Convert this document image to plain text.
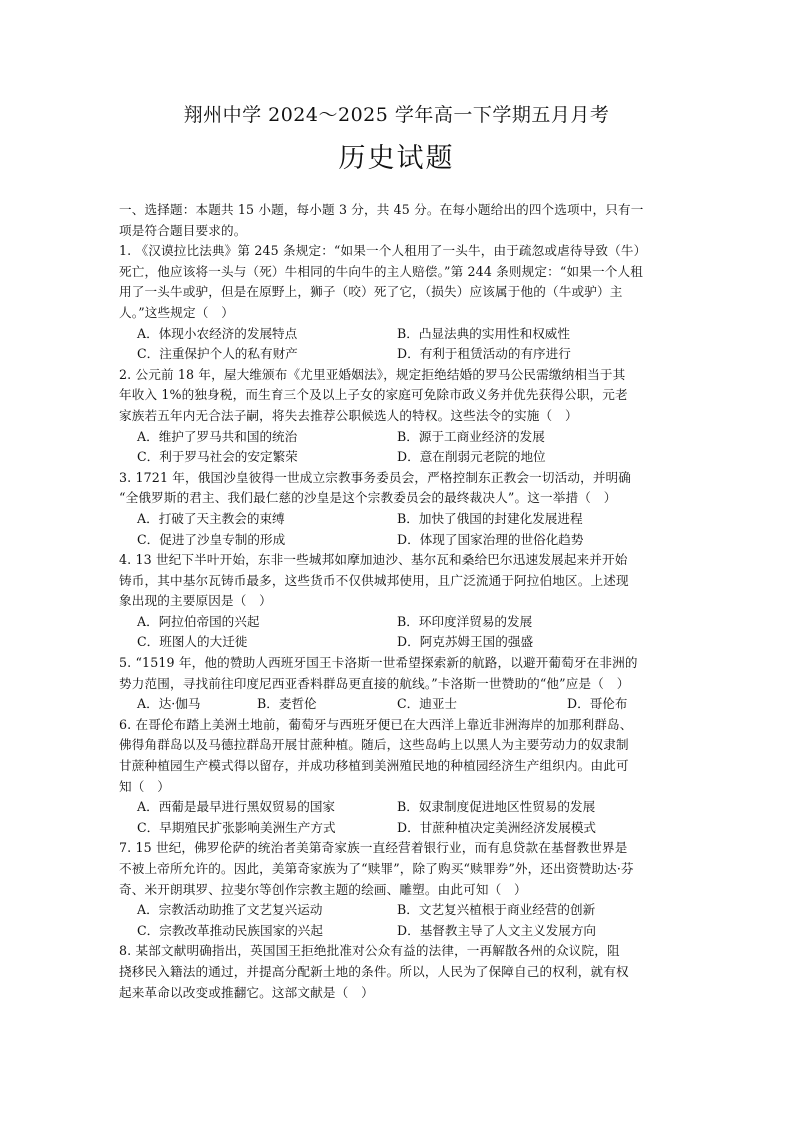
翔州中学 2024～2025 学年高一下学期五月月考
历史试题
一、选择题：本题共 15 小题，每小题 3 分，共 45 分。在每小题给出的四个选项中，只有一
项是符合题目要求的。
1. 《汉谟拉比法典》第 245 条规定：“如果一个人租用了一头牛，由于疏忽或虐待导致（牛）
死亡，他应该将一头与（死）牛相同的牛向牛的主人赔偿。”第 244 条则规定：“如果一个人租
用了一头牛或驴，但是在原野上，狮子（咬）死了它，（损失）应该属于他的（牛或驴）主
人。”这些规定（　）
A．体现小农经济的发展特点	B．凸显法典的实用性和权威性
C．注重保护个人的私有财产	D．有利于租赁活动的有序进行
2. 公元前 18 年，屋大维颁布《尤里亚婚姻法》，规定拒绝结婚的罗马公民需缴纳相当于其
年收入 1%的独身税，而生育三个及以上子女的家庭可免除市政义务并优先获得公职，元老
家族若五年内无合法子嗣，将失去推荐公职候选人的特权。这些法令的实施（　）
A．维护了罗马共和国的统治	B．源于工商业经济的发展
C．利于罗马社会的安定繁荣	D．意在削弱元老院的地位
3. 1721 年，俄国沙皇彼得一世成立宗教事务委员会，严格控制东正教会一切活动，并明确
“全俄罗斯的君主、我们最仁慈的沙皇是这个宗教委员会的最终裁决人”。这一举措（　）
A．打破了天主教会的束缚	B．加快了俄国的封建化发展进程
C．促进了沙皇专制的形成	D．体现了国家治理的世俗化趋势
4. 13 世纪下半叶开始，东非一些城邦如摩加迪沙、基尔瓦和桑给巴尔迅速发展起来并开始
铸币，其中基尔瓦铸币最多，这些货币不仅供城邦使用，且广泛流通于阿拉伯地区。上述现
象出现的主要原因是（　）
A．阿拉伯帝国的兴起	B．环印度洋贸易的发展
C．班图人的大迁徙	D．阿克苏姆王国的强盛
5. “1519 年，他的赞助人西班牙国王卡洛斯一世希望探索新的航路，以避开葡萄牙在非洲的
势力范围，寻找前往印度尼西亚香料群岛更直接的航线。”卡洛斯一世赞助的“他”应是（　）
A．达·伽马	B．麦哲伦	C．迪亚士	D．哥伦布
6. 在哥伦布踏上美洲土地前，葡萄牙与西班牙便已在大西洋上靠近非洲海岸的加那利群岛、
佛得角群岛以及马德拉群岛开展甘蔗种植。随后，这些岛屿上以黑人为主要劳动力的奴隶制
甘蔗种植园生产模式得以留存，并成功移植到美洲殖民地的种植园经济生产组织内。由此可
知（　）
A．西葡是最早进行黑奴贸易的国家	B．奴隶制度促进地区性贸易的发展
C．早期殖民扩张影响美洲生产方式	D．甘蔗种植决定美洲经济发展模式
7. 15 世纪，佛罗伦萨的统治者美第奇家族一直经营着银行业，而有息贷款在基督教世界是
不被上帝所允许的。因此，美第奇家族为了“赎罪”，除了购买“赎罪券”外，还出资赞助达·芬
奇、米开朗琪罗、拉斐尔等创作宗教主题的绘画、雕塑。由此可知（　）
A．宗教活动助推了文艺复兴运动	B．文艺复兴植根于商业经营的创新
C．宗教改革推动民族国家的兴起	D．基督教主导了人文主义发展方向
8. 某部文献明确指出，英国国王拒绝批准对公众有益的法律，一再解散各州的众议院，阻
挠移民入籍法的通过，并提高分配新土地的条件。所以，人民为了保障自己的权利，就有权
起来革命以改变或推翻它。这部文献是（　）
